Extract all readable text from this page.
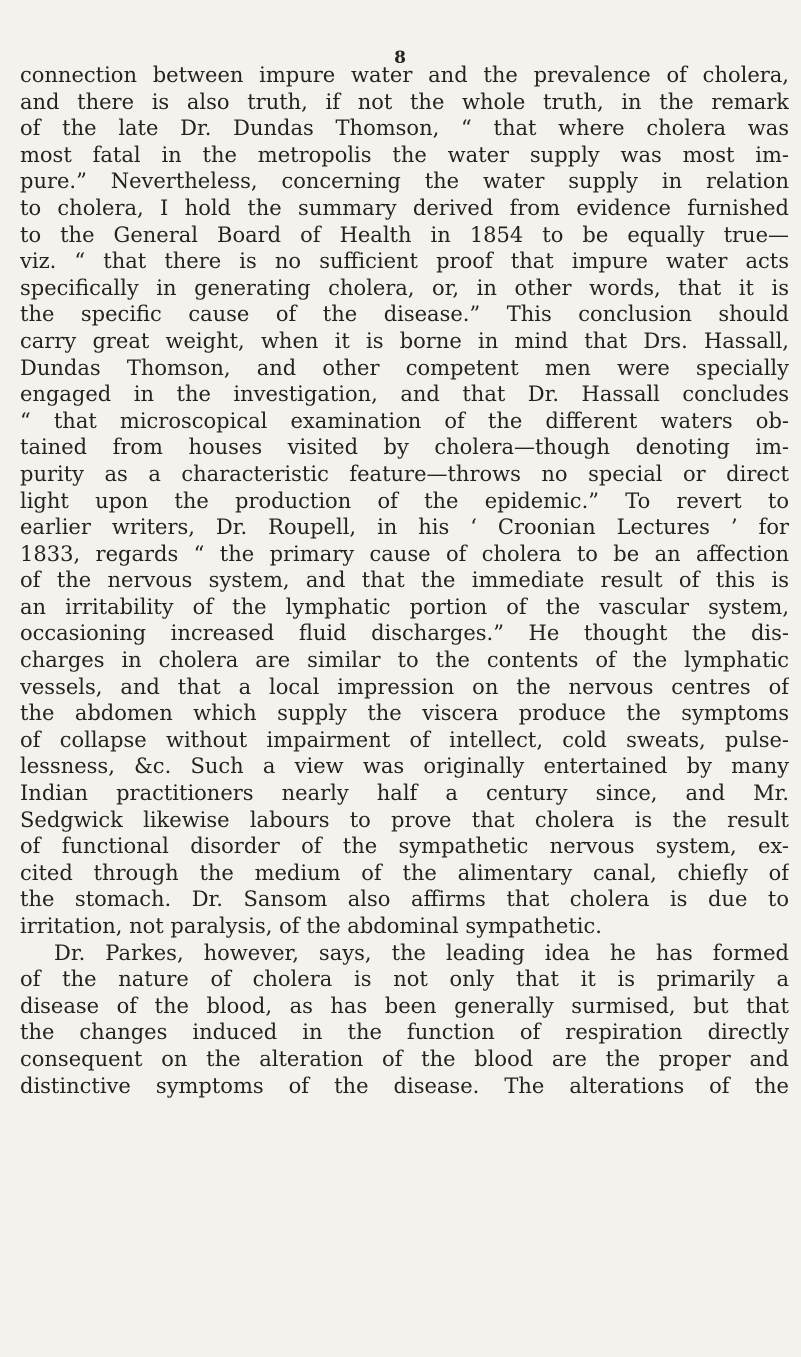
8
connection between impure water and the prevalence of cholera,
and there is also truth, if not the whole truth, in the remark
of the late Dr. Dundas Thomson, “ that where cholera was
most fatal in the metropolis the water supply was most im-
pure.” Nevertheless, concerning the water supply in relation
to cholera, I hold the summary derived from evidence furnished
to the General Board of Health in 1854 to be equally true—
viz. “ that there is no sufficient proof that impure water acts
specifically in generating cholera, or, in other words, that it is
the specific cause of the disease.” This conclusion should
carry great weight, when it is borne in mind that Drs. Hassall,
Dundas Thomson, and other competent men were specially
engaged in the investigation, and that Dr. Hassall concludes
“ that microscopical examination of the different waters ob-
tained from houses visited by cholera—though denoting im-
purity as a characteristic feature—throws no special or direct
light upon the production of the epidemic.” To revert to
earlier writers, Dr. Roupell, in his ‘ Croonian Lectures ’ for
1833, regards “ the primary cause of cholera to be an affection
of the nervous system, and that the immediate result of this is
an irritability of the lymphatic portion of the vascular system,
occasioning increased fluid discharges.” He thought the dis-
charges in cholera are similar to the contents of the lymphatic
vessels, and that a local impression on the nervous centres of
the abdomen which supply the viscera produce the symptoms
of collapse without impairment of intellect, cold sweats, pulse-
lessness, &c. Such a view was originally entertained by many
Indian practitioners nearly half a century since, and Mr.
Sedgwick likewise labours to prove that cholera is the result
of functional disorder of the sympathetic nervous system, ex-
cited through the medium of the alimentary canal, chiefly of
the stomach. Dr. Sansom also affirms that cholera is due to
irritation, not paralysis, of the abdominal sympathetic.
Dr. Parkes, however, says, the leading idea he has formed
of the nature of cholera is not only that it is primarily a
disease of the blood, as has been generally surmised, but that
the changes induced in the function of respiration directly
consequent on the alteration of the blood are the proper and
distinctive symptoms of the disease. The alterations of the
